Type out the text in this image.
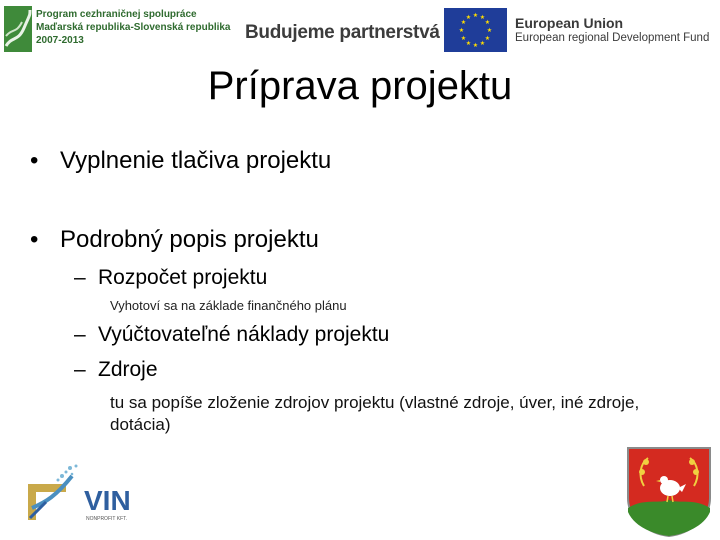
Program cezhraničnej spolupráce
Maďarská republika-Slovenská republika
2007-2013	Budujeme partnerstvá
★ ★
★
★
★
★
★
★
★
★
★
★	European Union
European regional Development Fund
Príprava projektu
• Vyplnenie tlačiva projektu
• Podrobný popis projektu
– Rozpočet projektu
Vyhotoví sa na základe finančného plánu
– Vyúčtovateľné náklady projektu
– Zdroje
tu sa popíše zloženie zdrojov projektu (vlastné zdroje, úver, iné zdroje, dotácia)
VIN
NONPROFIT KFT.
